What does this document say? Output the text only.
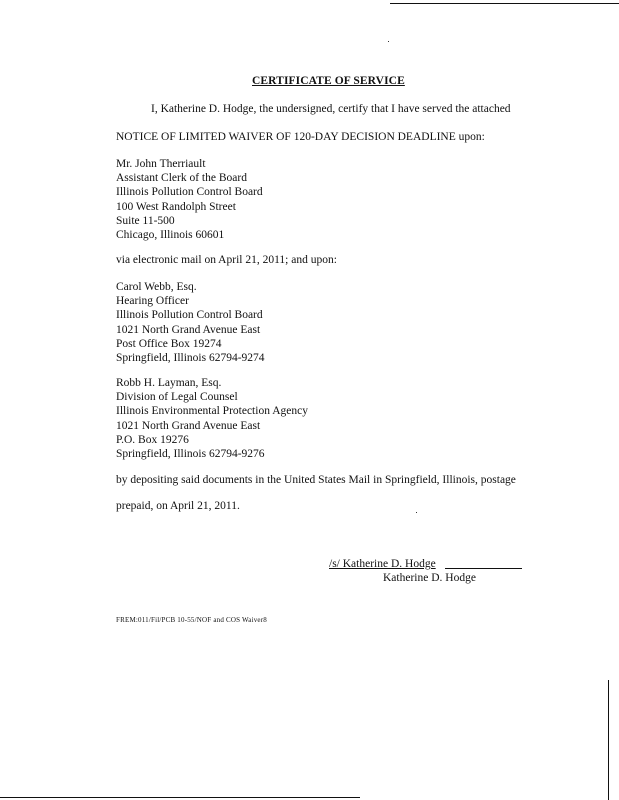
CERTIFICATE OF SERVICE
I, Katherine D. Hodge, the undersigned, certify that I have served the attached
NOTICE OF LIMITED WAIVER OF 120-DAY DECISION DEADLINE upon:
Mr. John Therriault
Assistant Clerk of the Board
Illinois Pollution Control Board
100 West Randolph Street
Suite 11-500
Chicago, Illinois 60601
via electronic mail on April 21, 2011; and upon:
Carol Webb, Esq.
Hearing Officer
Illinois Pollution Control Board
1021 North Grand Avenue East
Post Office Box 19274
Springfield, Illinois 62794-9274
Robb H. Layman, Esq.
Division of Legal Counsel
Illinois Environmental Protection Agency
1021 North Grand Avenue East
P.O. Box 19276
Springfield, Illinois 62794-9276
by depositing said documents in the United States Mail in Springfield, Illinois, postage
prepaid, on April 21, 2011.
/s/ Katherine D. Hodge
Katherine D. Hodge
FREM:011/Fil/PCB 10-55/NOF and COS Waiver8
